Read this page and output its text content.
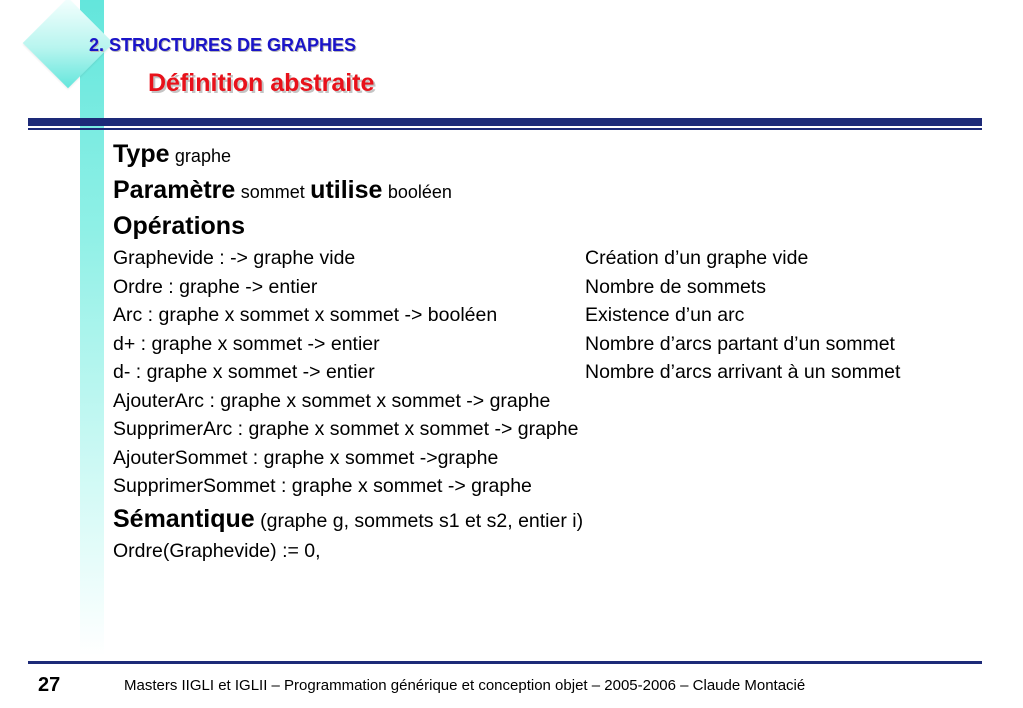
2. STRUCTURES DE GRAPHES
Définition abstraite
Type graphe
Paramètre sommet utilise booléen
Opérations
Graphevide : -> graphe vide	Création d’un graphe vide
Ordre : graphe -> entier	Nombre de sommets
Arc : graphe x sommet x sommet -> booléen	Existence d’un arc
d+ : graphe x sommet -> entier	Nombre d’arcs partant d’un sommet
d- : graphe x sommet -> entier	Nombre d’arcs arrivant à un sommet
AjouterArc : graphe x sommet x sommet -> graphe
SupprimerArc : graphe x sommet x sommet -> graphe
AjouterSommet : graphe x sommet ->graphe
SupprimerSommet : graphe x sommet -> graphe
Sémantique (graphe g, sommets s1 et s2, entier i)
Ordre(Graphevide) := 0,
27	Masters IIGLI et IGLII – Programmation générique et conception objet – 2005-2006 – Claude Montacié
